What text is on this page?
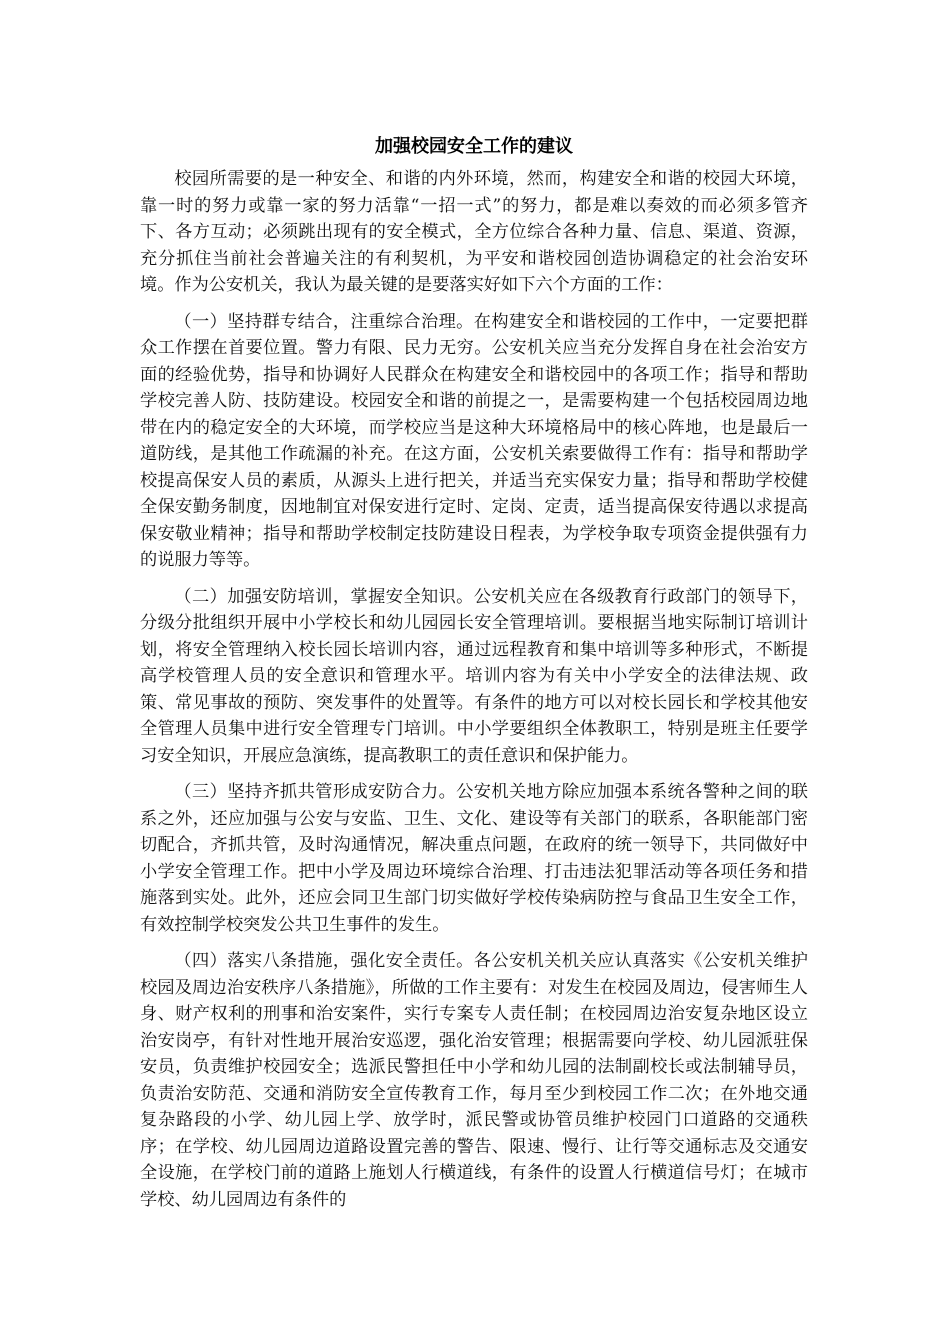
加强校园安全工作的建议

校园所需要的是一种安全、和谐的内外环境，然而，构建安全和谐的校园大环境，靠一时的努力或靠一家的努力活靠“一招一式”的努力，都是难以奏效的而必须多管齐下、各方互动；必须跳出现有的安全模式，全方位综合各种力量、信息、渠道、资源，充分抓住当前社会普遍关注的有利契机，为平安和谐校园创造协调稳定的社会治安环境。作为公安机关，我认为最关键的是要落实好如下六个方面的工作：

（一）坚持群专结合，注重综合治理。在构建安全和谐校园的工作中，一定要把群众工作摆在首要位置。警力有限、民力无穷。公安机关应当充分发挥自身在社会治安方面的经验优势，指导和协调好人民群众在构建安全和谐校园中的各项工作；指导和帮助学校完善人防、技防建设。校园安全和谐的前提之一，是需要构建一个包括校园周边地带在内的稳定安全的大环境，而学校应当是这种大环境格局中的核心阵地，也是最后一道防线，是其他工作疏漏的补充。在这方面，公安机关索要做得工作有：指导和帮助学校提高保安人员的素质，从源头上进行把关，并适当充实保安力量；指导和帮助学校健全保安勤务制度，因地制宜对保安进行定时、定岗、定责，适当提高保安待遇以求提高保安敬业精神；指导和帮助学校制定技防建设日程表，为学校争取专项资金提供强有力的说服力等等。

（二）加强安防培训，掌握安全知识。公安机关应在各级教育行政部门的领导下，分级分批组织开展中小学校长和幼儿园园长安全管理培训。要根据当地实际制订培训计划，将安全管理纳入校长园长培训内容，通过远程教育和集中培训等多种形式，不断提高学校管理人员的安全意识和管理水平。培训内容为有关中小学安全的法律法规、政策、常见事故的预防、突发事件的处置等。有条件的地方可以对校长园长和学校其他安全管理人员集中进行安全管理专门培训。中小学要组织全体教职工，特别是班主任要学习安全知识，开展应急演练，提高教职工的责任意识和保护能力。

（三）坚持齐抓共管形成安防合力。公安机关地方除应加强本系统各警种之间的联系之外，还应加强与公安与安监、卫生、文化、建设等有关部门的联系，各职能部门密切配合，齐抓共管，及时沟通情况，解决重点问题，在政府的统一领导下，共同做好中小学安全管理工作。把中小学及周边环境综合治理、打击违法犯罪活动等各项任务和措施落到实处。此外，还应会同卫生部门切实做好学校传染病防控与食品卫生安全工作，有效控制学校突发公共卫生事件的发生。

（四）落实八条措施，强化安全责任。各公安机关机关应认真落实《公安机关维护校园及周边治安秩序八条措施》，所做的工作主要有：对发生在校园及周边，侵害师生人身、财产权利的刑事和治安案件，实行专案专人责任制；在校园周边治安复杂地区设立治安岗亭，有针对性地开展治安巡逻，强化治安管理；根据需要向学校、幼儿园派驻保安员，负责维护校园安全；选派民警担任中小学和幼儿园的法制副校长或法制辅导员，负责治安防范、交通和消防安全宣传教育工作，每月至少到校园工作二次；在外地交通复杂路段的小学、幼儿园上学、放学时，派民警或协管员维护校园门口道路的交通秩序；在学校、幼儿园周边道路设置完善的警告、限速、慢行、让行等交通标志及交通安全设施，在学校门前的道路上施划人行横道线，有条件的设置人行横道信号灯；在城市学校、幼儿园周边有条件的
